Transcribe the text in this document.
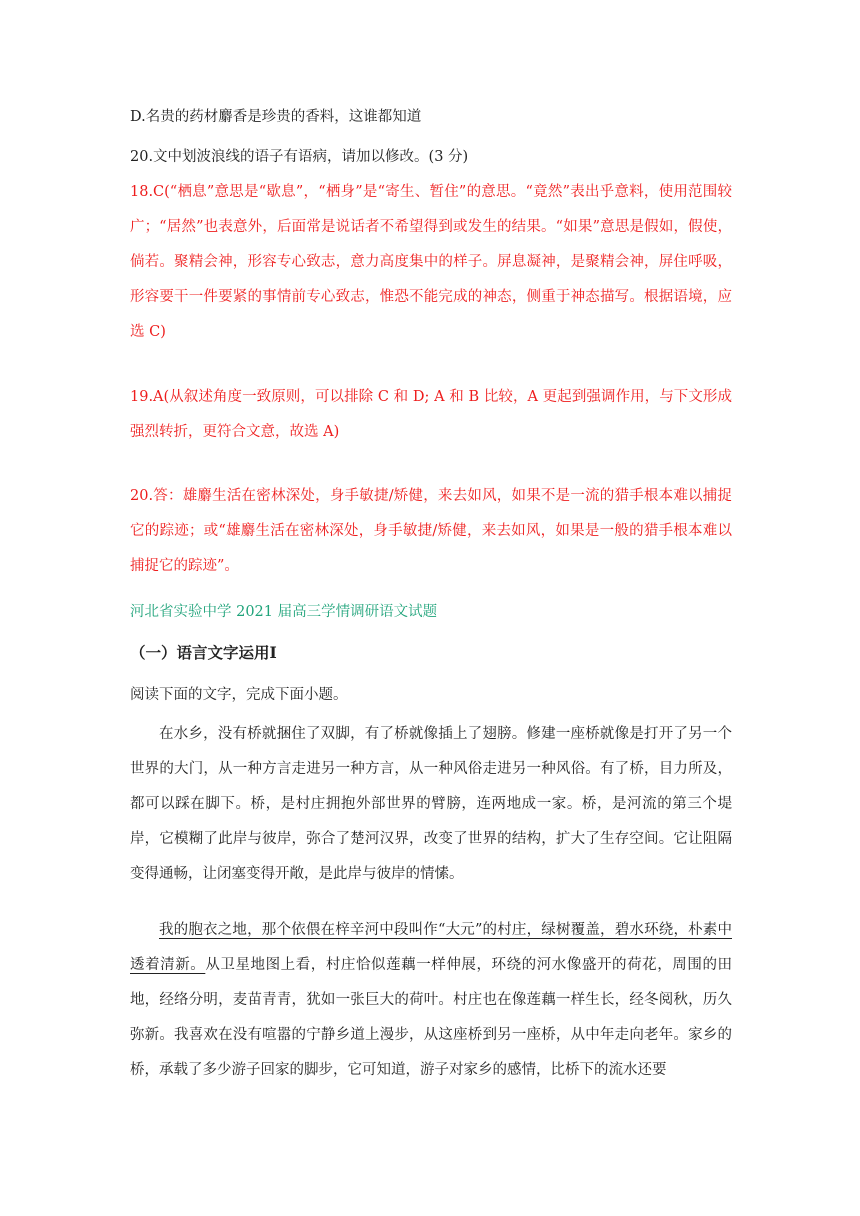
D.名贵的药材麝香是珍贵的香料，这谁都知道
20.文中划波浪线的语子有语病，请加以修改。(3 分)
18.C(“栖息”意思是“歇息”，“栖身”是“寄生、暂住”的意思。“竟然”表出乎意料，使用范围较广；“居然”也表意外，后面常是说话者不希望得到或发生的结果。“如果”意思是假如，假使，倘若。聚精会神，形容专心致志，意力高度集中的样子。屏息凝神，是聚精会神，屏住呼吸，形容要干一件要紧的事情前专心致志，惟恐不能完成的神态，侧重于神态描写。根据语境，应选 C)
19.A(从叙述角度一致原则，可以排除 C 和 D; A 和 B 比较，A 更起到强调作用，与下文形成强烈转折，更符合文意，故选 A)
20.答：雄麝生活在密林深处，身手敏捷/矫健，来去如风，如果不是一流的猎手根本难以捕捉它的踪迹；或“雄麝生活在密林深处，身手敏捷/矫健，来去如风，如果是一般的猎手根本难以捕捉它的踪迹”。
河北省实验中学 2021 届高三学情调研语文试题
（一）语言文字运用Ⅰ
阅读下面的文字，完成下面小题。
在水乡，没有桥就捆住了双脚，有了桥就像插上了翅膀。修建一座桥就像是打开了另一个世界的大门，从一种方言走进另一种方言，从一种风俗走进另一种风俗。有了桥，目力所及，都可以踩在脚下。桥，是村庄拥抱外部世界的臂膀，连两地成一家。桥，是河流的第三个堤岸，它模糊了此岸与彼岸，弥合了楚河汉界，改变了世界的结构，扩大了生存空间。它让阻隔变得通畅，让闭塞变得开敞，是此岸与彼岸的情愫。
我的胞衣之地，那个依偎在梓辛河中段叫作“大元”的村庄，绿树覆盖，碧水环绕，朴素中透着清新。从卫星地图上看，村庄恰似莲藕一样伸展，环绕的河水像盛开的荷花，周围的田地，经络分明，麦苗青青，犹如一张巨大的荷叶。村庄也在像莲藕一样生长，经冬阅秋，历久弥新。我喜欢在没有喧嚣的宁静乡道上漫步，从这座桥到另一座桥，从中年走向老年。家乡的桥，承载了多少游子回家的脚步，它可知道，游子对家乡的感情，比桥下的流水还要
